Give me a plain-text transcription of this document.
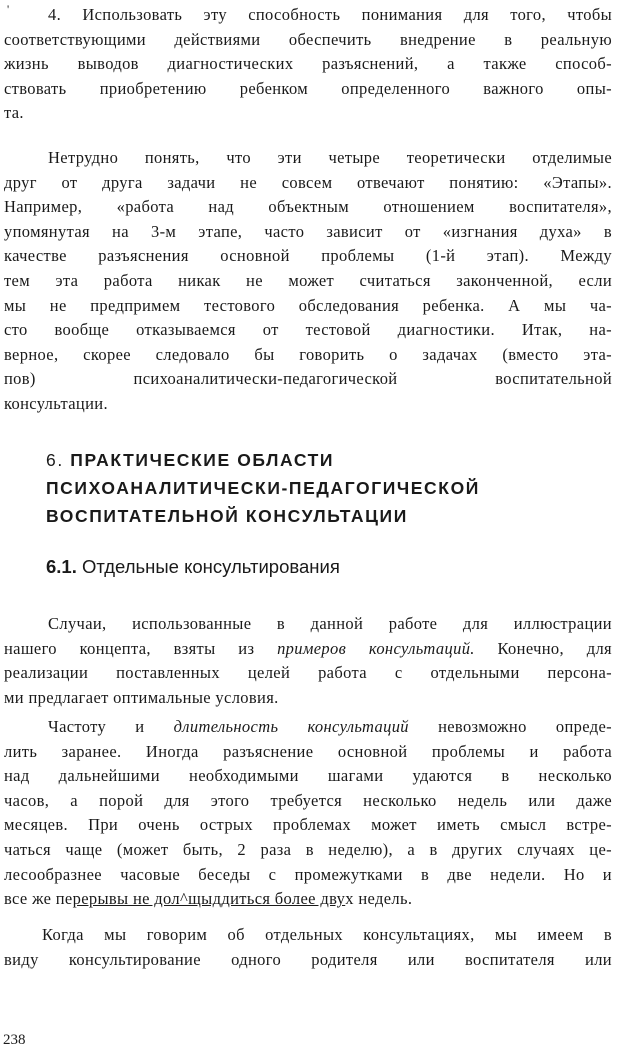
'	4. Использовать эту способность понимания для того, чтобы
соответствующими действиями обеспечить внедрение в реальную
жизнь выводов диагностических разъяснений, а также способ-
ствовать приобретению ребенком определенного важного опы-
та.
Нетрудно понять, что эти четыре теоретически отделимые
друг от друга задачи не совсем отвечают понятию: «Этапы».
Например, «работа над объектным отношением воспитателя»,
упомянутая на 3-м этапе, часто зависит от «изгнания духа» в
качестве разъяснения основной проблемы (1-й этап). Между
тем эта работа никак не может считаться законченной, если
мы не предпримем тестового обследования ребенка. А мы ча-
сто вообще отказываемся от тестовой диагностики. Итак, на-
верное, скорее следовало бы говорить о задачах (вместо эта-
пов) психоаналитически-педагогической воспитательной
консультации.
6. ПРАКТИЧЕСКИЕ ОБЛАСТИ
ПСИХОАНАЛИТИЧЕСКИ-ПЕДАГОГИЧЕСКОЙ
ВОСПИТАТЕЛЬНОЙ КОНСУЛЬТАЦИИ
6.1. Отдельные консультирования
Случаи, использованные в данной работе для иллюстрации
нашего концепта, взяты из примеров консультаций. Конечно, для
реализации поставленных целей работа с отдельными персона-
ми предлагает оптимальные условия.
Частоту и длительность консультаций невозможно опреде-
лить заранее. Иногда разъяснение основной проблемы и работа
над дальнейшими необходимыми шагами удаются в несколько
часов, а порой для этого требуется несколько недель или даже
месяцев. При очень острых проблемах может иметь смысл встре-
чаться чаще (может быть, 2 раза в неделю), а в других случаях це-
лесообразнее часовые беседы с промежутками в две недели. Но и
все же перерывы не дол^щыддиться более двух недель.
Когда мы говорим об отдельных консультациях, мы имеем в
виду консультирование одного родителя или воспитателя или
238
